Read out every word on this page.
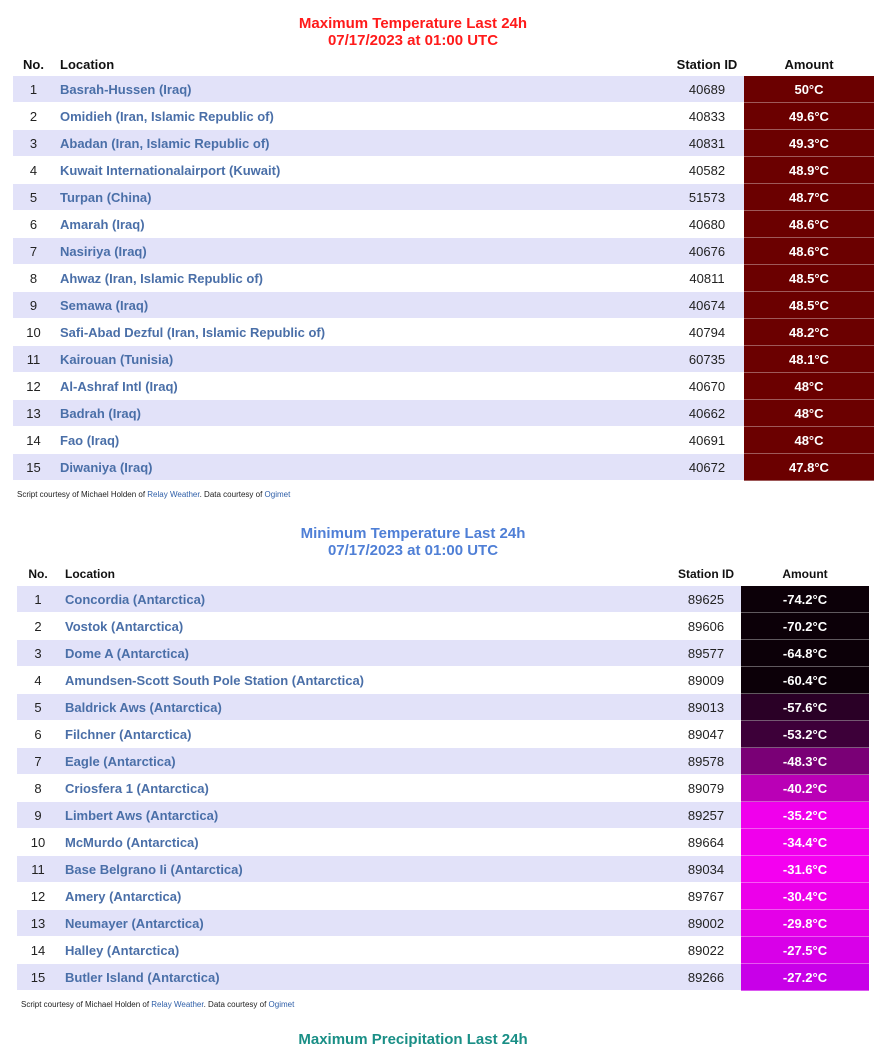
Maximum Temperature Last 24h
07/17/2023 at 01:00 UTC
No.	Location	Station ID	Amount
1	Basrah-Hussen (Iraq)	40689	50°C
2	Omidieh (Iran, Islamic Republic of)	40833	49.6°C
3	Abadan (Iran, Islamic Republic of)	40831	49.3°C
4	Kuwait Internationalairport (Kuwait)	40582	48.9°C
5	Turpan (China)	51573	48.7°C
6	Amarah (Iraq)	40680	48.6°C
7	Nasiriya (Iraq)	40676	48.6°C
8	Ahwaz (Iran, Islamic Republic of)	40811	48.5°C
9	Semawa (Iraq)	40674	48.5°C
10	Safi-Abad Dezful (Iran, Islamic Republic of)	40794	48.2°C
11	Kairouan (Tunisia)	60735	48.1°C
12	Al-Ashraf Intl (Iraq)	40670	48°C
13	Badrah (Iraq)	40662	48°C
14	Fao (Iraq)	40691	48°C
15	Diwaniya (Iraq)	40672	47.8°C
Script courtesy of Michael Holden of Relay Weather. Data courtesy of Ogimet
Minimum Temperature Last 24h
07/17/2023 at 01:00 UTC
No.	Location	Station ID	Amount
1	Concordia (Antarctica)	89625	-74.2°C
2	Vostok (Antarctica)	89606	-70.2°C
3	Dome A (Antarctica)	89577	-64.8°C
4	Amundsen-Scott South Pole Station (Antarctica)	89009	-60.4°C
5	Baldrick Aws (Antarctica)	89013	-57.6°C
6	Filchner (Antarctica)	89047	-53.2°C
7	Eagle (Antarctica)	89578	-48.3°C
8	Criosfera 1 (Antarctica)	89079	-40.2°C
9	Limbert Aws (Antarctica)	89257	-35.2°C
10	McMurdo (Antarctica)	89664	-34.4°C
11	Base Belgrano Ii (Antarctica)	89034	-31.6°C
12	Amery (Antarctica)	89767	-30.4°C
13	Neumayer (Antarctica)	89002	-29.8°C
14	Halley (Antarctica)	89022	-27.5°C
15	Butler Island (Antarctica)	89266	-27.2°C
Script courtesy of Michael Holden of Relay Weather. Data courtesy of Ogimet
Maximum Precipitation Last 24h
